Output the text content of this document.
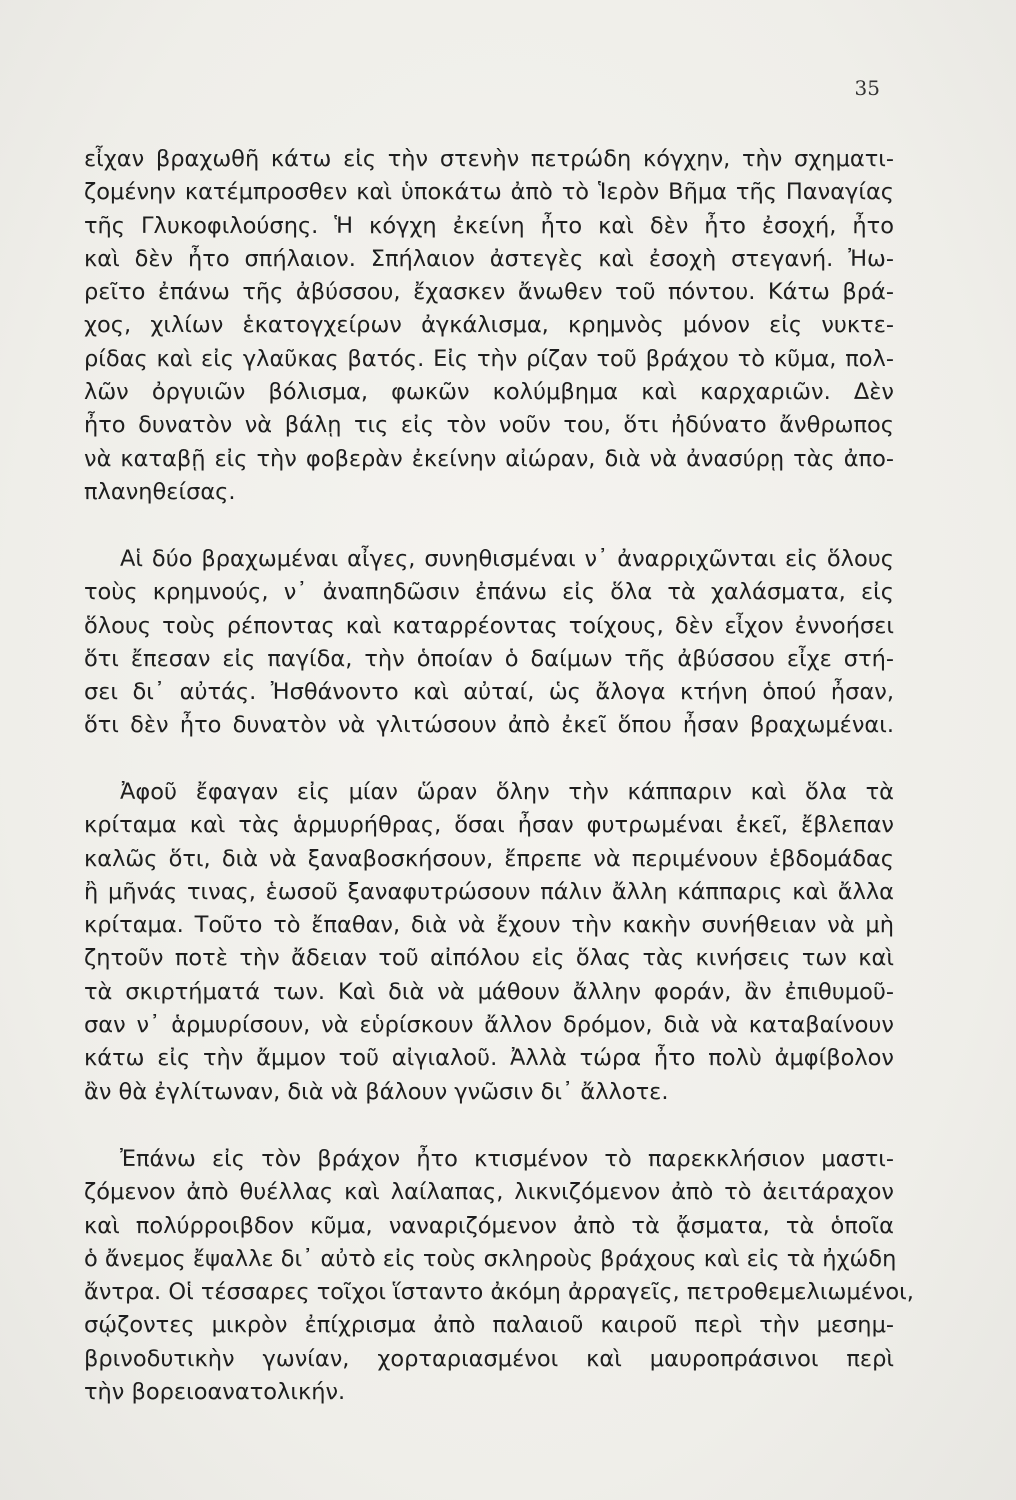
35
εἶχαν βραχωθῆ κάτω εἰς τὴν στενὴν πετρώδη κόγχην, τὴν σχηματι-
ζομένην κατέμπροσθεν καὶ ὑποκάτω ἀπὸ τὸ Ἱερὸν Βῆμα τῆς Παναγίας
τῆς Γλυκοφιλούσης. Ἡ κόγχη ἐκείνη ἦτο καὶ δὲν ἦτο ἐσοχή, ἦτο
καὶ δὲν ἦτο σπήλαιον. Σπήλαιον ἀστεγὲς καὶ ἐσοχὴ στεγανή. Ἠω-
ρεῖτο ἐπάνω τῆς ἀβύσσου, ἔχασκεν ἄνωθεν τοῦ πόντου. Κάτω βρά-
χος, χιλίων ἑκατογχείρων ἀγκάλισμα, κρημνὸς μόνον εἰς νυκτε-
ρίδας καὶ εἰς γλαῦκας βατός. Εἰς τὴν ρίζαν τοῦ βράχου τὸ κῦμα, πολ-
λῶν ὀργυιῶν βόλισμα, φωκῶν κολύμβημα καὶ καρχαριῶν. Δὲν
ἦτο δυνατὸν νὰ βάλῃ τις εἰς τὸν νοῦν του, ὅτι ἠδύνατο ἄνθρωπος
νὰ καταβῇ εἰς τὴν φοβερὰν ἐκείνην αἰώραν, διὰ νὰ ἀνασύρῃ τὰς ἀπο-
πλανηθείσας.
Αἱ δύο βραχωμέναι αἶγες, συνηθισμέναι ν᾿ ἀναρριχῶνται εἰς ὅλους
τοὺς κρημνούς, ν᾿ ἀναπηδῶσιν ἐπάνω εἰς ὅλα τὰ χαλάσματα, εἰς
ὅλους τοὺς ρέποντας καὶ καταρρέοντας τοίχους, δὲν εἶχον ἐννοήσει
ὅτι ἔπεσαν εἰς παγίδα, τὴν ὁποίαν ὁ δαίμων τῆς ἀβύσσου εἶχε στή-
σει δι᾿ αὐτάς. Ἠσθάνοντο καὶ αὐταί, ὡς ἄλογα κτήνη ὁπού ἦσαν,
ὅτι δὲν ἦτο δυνατὸν νὰ γλιτώσουν ἀπὸ ἐκεῖ ὅπου ἦσαν βραχωμέναι.
Ἀφοῦ ἔφαγαν εἰς μίαν ὥραν ὅλην τὴν κάππαριν καὶ ὅλα τὰ
κρίταμα καὶ τὰς ἁρμυρήθρας, ὅσαι ἦσαν φυτρωμέναι ἐκεῖ, ἔβλεπαν
καλῶς ὅτι, διὰ νὰ ξαναβοσκήσουν, ἔπρεπε νὰ περιμένουν ἑβδομάδας
ἢ μῆνάς τινας, ἑωσοῦ ξαναφυτρώσουν πάλιν ἄλλη κάππαρις καὶ ἄλλα
κρίταμα. Τοῦτο τὸ ἔπαθαν, διὰ νὰ ἔχουν τὴν κακὴν συνήθειαν νὰ μὴ
ζητοῦν ποτὲ τὴν ἄδειαν τοῦ αἰπόλου εἰς ὅλας τὰς κινήσεις των καὶ
τὰ σκιρτήματά των. Καὶ διὰ νὰ μάθουν ἄλλην φοράν, ἂν ἐπιθυμοῦ-
σαν ν᾿ ἁρμυρίσουν, νὰ εὑρίσκουν ἄλλον δρόμον, διὰ νὰ καταβαίνουν
κάτω εἰς τὴν ἄμμον τοῦ αἰγιαλοῦ. Ἀλλὰ τώρα ἦτο πολὺ ἀμφίβολον
ἂν θὰ ἐγλίτωναν, διὰ νὰ βάλουν γνῶσιν δι᾿ ἄλλοτε.
Ἐπάνω εἰς τὸν βράχον ἦτο κτισμένον τὸ παρεκκλήσιον μαστι-
ζόμενον ἀπὸ θυέλλας καὶ λαίλαπας, λικνιζόμενον ἀπὸ τὸ ἀειτάραχον
καὶ πολύρροιβδον κῦμα, ναναριζόμενον ἀπὸ τὰ ᾄσματα, τὰ ὁποῖα
ὁ ἄνεμος ἔψαλλε δι᾿ αὐτὸ εἰς τοὺς σκληροὺς βράχους καὶ εἰς τὰ ἠχώδη
ἄντρα. Οἱ τέσσαρες τοῖχοι ἵσταντο ἀκόμη ἀρραγεῖς, πετροθεμελιωμένοι,
σῴζοντες μικρὸν ἐπίχρισμα ἀπὸ παλαιοῦ καιροῦ περὶ τὴν μεσημ-
βρινοδυτικὴν γωνίαν, χορταριασμένοι καὶ μαυροπράσινοι περὶ
τὴν βορειοανατολικήν.
